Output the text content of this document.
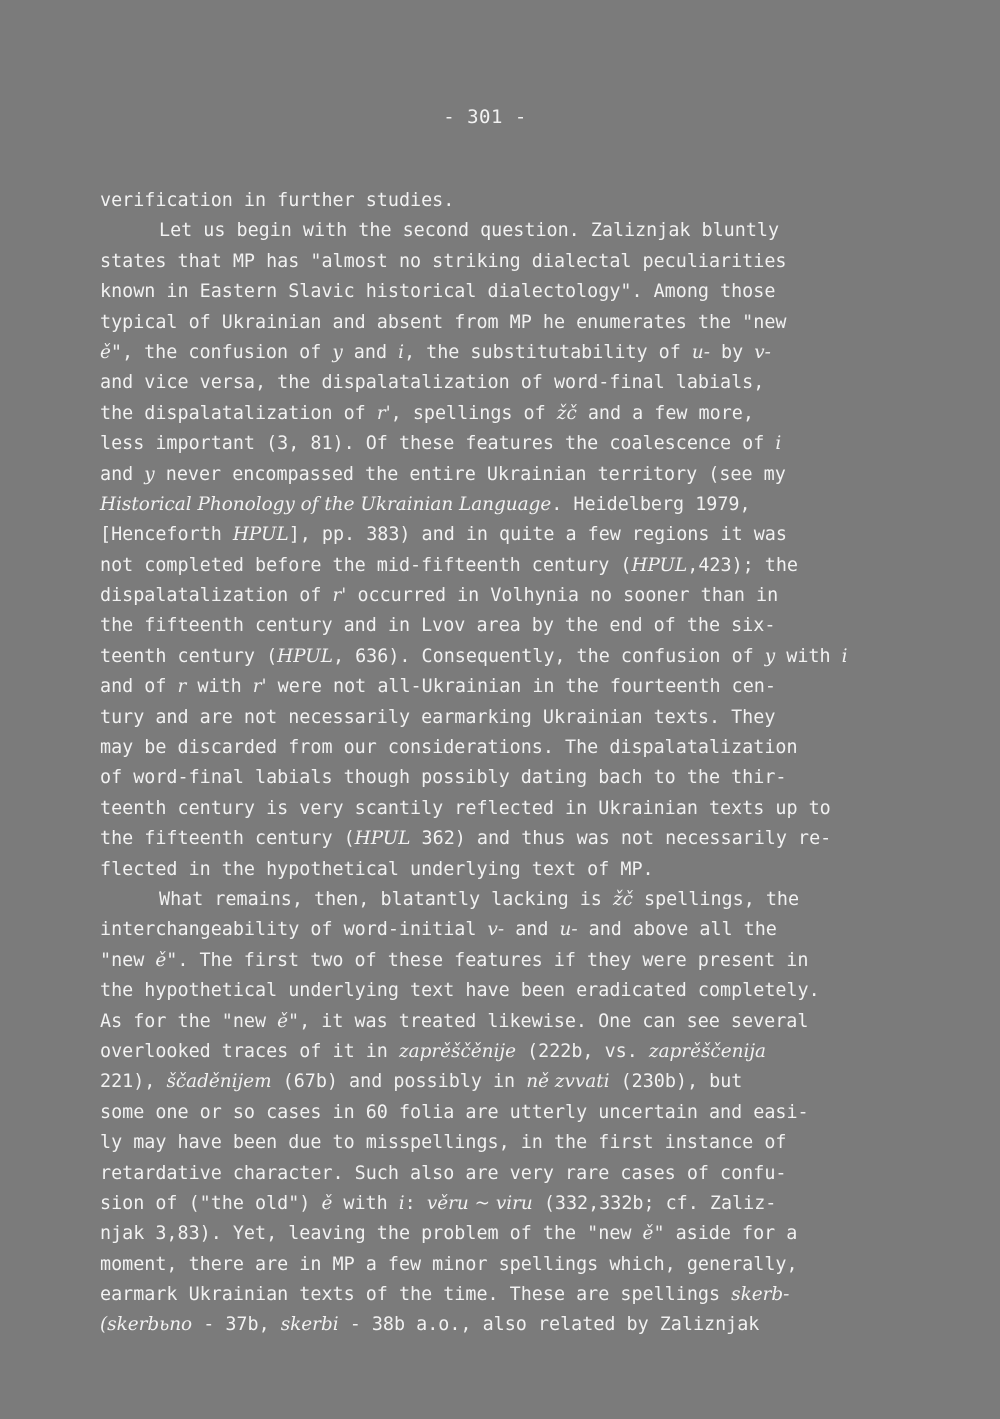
- 301 -
verification in further studies.
Let us begin with the second question. Zaliznjak bluntly
states that MP has "almost no striking dialectal peculiarities
known in Eastern Slavic historical dialectology". Among those
typical of Ukrainian and absent from MP he enumerates the "new
ě", the confusion of y and i, the substitutability of u- by v-
and vice versa, the dispalatalization of word-final labials,
the dispalatalization of r', spellings of žč and a few more,
less important (3, 81). Of these features the coalescence of i
and y never encompassed the entire Ukrainian territory (see my
Historical Phonology of the Ukrainian Language. Heidelberg 1979,
[Henceforth HPUL], pp. 383) and in quite a few regions it was
not completed before the mid-fifteenth century (HPUL,423); the
dispalatalization of r' occurred in Volhynia no sooner than in
the fifteenth century and in Lvov area by the end of the six-
teenth century (HPUL, 636). Consequently, the confusion of y with i
and of r with r' were not all-Ukrainian in the fourteenth cen-
tury and are not necessarily earmarking Ukrainian texts. They
may be discarded from our considerations. The dispalatalization
of word-final labials though possibly dating bach to the thir-
teenth century is very scantily reflected in Ukrainian texts up to
the fifteenth century (HPUL 362) and thus was not necessarily re-
flected in the hypothetical underlying text of MP.
What remains, then, blatantly lacking is žč spellings, the
interchangeability of word-initial v- and u- and above all the
"new ě". The first two of these features if they were present in
the hypothetical underlying text have been eradicated completely.
As for the "new ě", it was treated likewise. One can see several
overlooked traces of it in zaprěščěnije (222b, vs. zaprěščenija
221), ščaděnijem (67b) and possibly in ně zvvati (230b), but
some one or so cases in 60 folia are utterly uncertain and easi-
ly may have been due to misspellings, in the first instance of
retardative character. Such also are very rare cases of confu-
sion of ("the old") ě with i: věru ~ viru (332,332b; cf. Zaliz-
njak 3,83). Yet, leaving the problem of the "new ě" aside for a
moment, there are in MP a few minor spellings which, generally,
earmark Ukrainian texts of the time. These are spellings skerb-
(skerbьno - 37b, skerbi - 38b a.o., also related by Zaliznjak
